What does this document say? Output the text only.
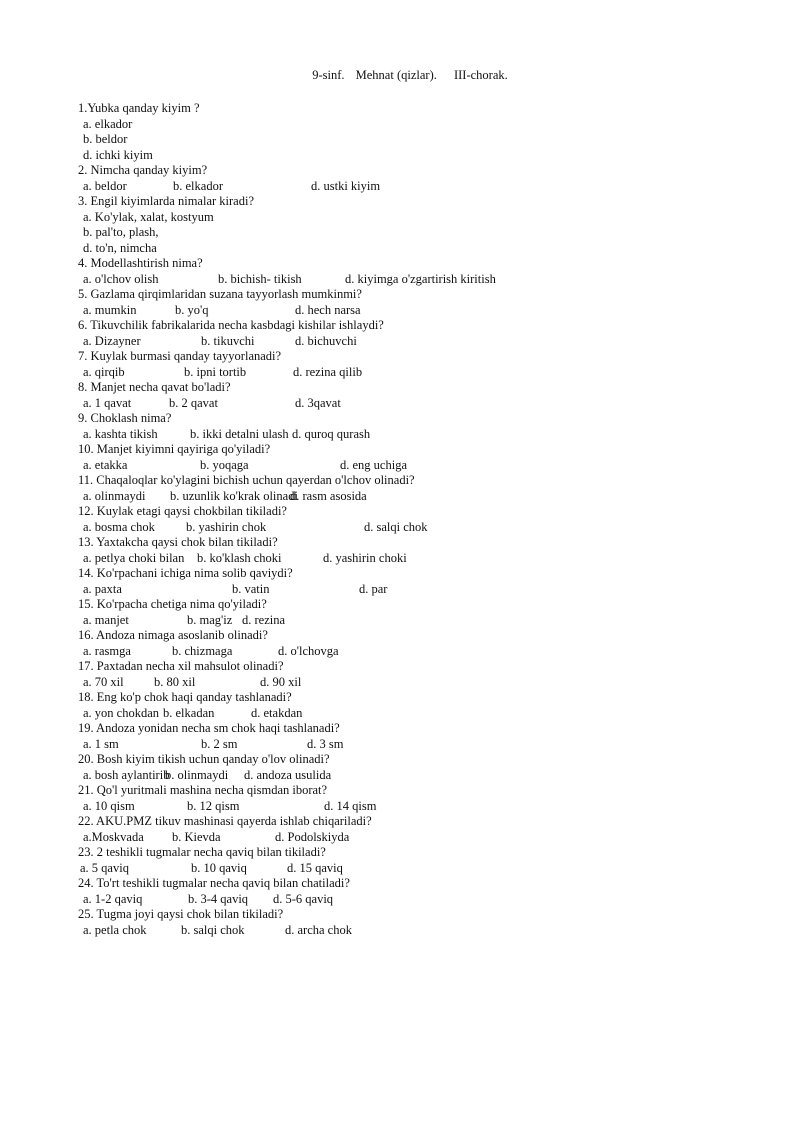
9-sinf. Mehnat (qizlar). III-chorak.
1.Yubka qanday kiyim ?
a. elkador
b. beldor
d. ichki kiyim
2. Nimcha qanday kiyim?
a. beldor	b. elkador	d. ustki kiyim
3. Engil kiyimlarda nimalar kiradi?
a. Ko'ylak, xalat, kostyum
b. pal'to, plash,
d. to'n, nimcha
4. Modellashtirish nima?
a. o'lchov olish	b. bichish- tikish	d. kiyimga o'zgartirish kiritish
5. Gazlama qirqimlaridan suzana tayyorlash mumkinmi?
a. mumkin	b. yo'q	d. hech narsa
6. Tikuvchilik fabrikalarida necha kasbdagi kishilar ishlaydi?
a. Dizayner	b. tikuvchi	d. bichuvchi
7. Kuylak burmasi qanday tayyorlanadi?
a. qirqib	b. ipni tortib	d. rezina qilib
8. Manjet necha qavat bo'ladi?
a. 1 qavat	b. 2 qavat	d. 3qavat
9. Choklash nima?
a. kashta tikish	b. ikki detalni ulash d. quroq qurash
10. Manjet kiyimni qayiriga qo'yiladi?
a. etakka	b. yoqaga	d. eng uchiga
11. Chaqaloqlar ko'ylagini bichish uchun qayerdan o'lchov olinadi?
a. olinmaydi b. uzunlik ko'krak olinadi
d. rasm asosida
12. Kuylak etagi qaysi chokbilan tikiladi?
a. bosma chok b. yashirin chok	d. salqi chok
13. Yaxtakcha qaysi chok bilan tikiladi?
a. petlya choki bilan b. ko'klash choki	d. yashirin choki
14. Ko'rpachani ichiga nima solib qaviydi?
a. paxta	b. vatin	d. par
15. Ko'rpacha chetiga nima qo'yiladi?
a. manjet	b. mag'iz d. rezina
16. Andoza nimaga asoslanib olinadi?
a. rasmga	b. chizmaga	d. o'lchovga
17. Paxtadan necha xil mahsulot olinadi?
a. 70 xil b. 80 xil	d. 90 xil
18. Eng ko'p chok haqi qanday tashlanadi?
a. yon chokdan b. elkadan	d. etakdan
19. Andoza yonidan necha sm chok haqi tashlanadi?
a. 1 sm	b. 2 sm	d. 3 sm
20. Bosh kiyim tikish uchun qanday o'lov olinadi?
a. bosh aylantirib
b. olinmaydi d. andoza usulida
21. Qo'l yuritmali mashina necha qismdan iborat?
a. 10 qism	b. 12 qism	d. 14 qism
22. AKU.PMZ tikuv mashinasi qayerda ishlab chiqariladi?
a.Moskvada b. Kievda	d. Podolskiyda
23. 2 teshikli tugmalar necha qaviq bilan tikiladi?
a. 5 qaviq	b. 10 qaviq	d. 15 qaviq
24. To'rt teshikli tugmalar necha qaviq bilan chatiladi?
a. 1-2 qaviq	b. 3-4 qaviq d. 5-6 qaviq
25. Tugma joyi qaysi chok bilan tikiladi?
a. petla chok	b. salqi chok	d. archa chok
